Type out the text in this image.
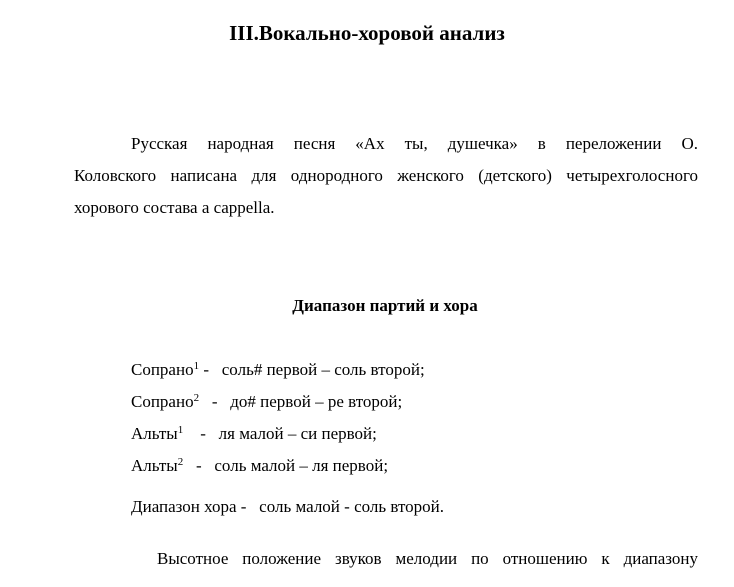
III.Вокально-хоровой анализ
Русская народная песня «Ах ты, душечка» в переложении О.
Коловского написана для однородного женского (детского) четырехголосного
хорового состава a cappella.
Диапазон партий и хора
Сопрано$^1$ -   соль# первой – соль второй;
Сопрано$^2$   -   до# первой – ре второй;
Альты$^1$    -   ля малой – си первой;
Альты$^2$   -   соль малой – ля первой;
Диапазон хора -   соль малой - соль второй.
Высотное положение звуков мелодии по отношению к диапазону
